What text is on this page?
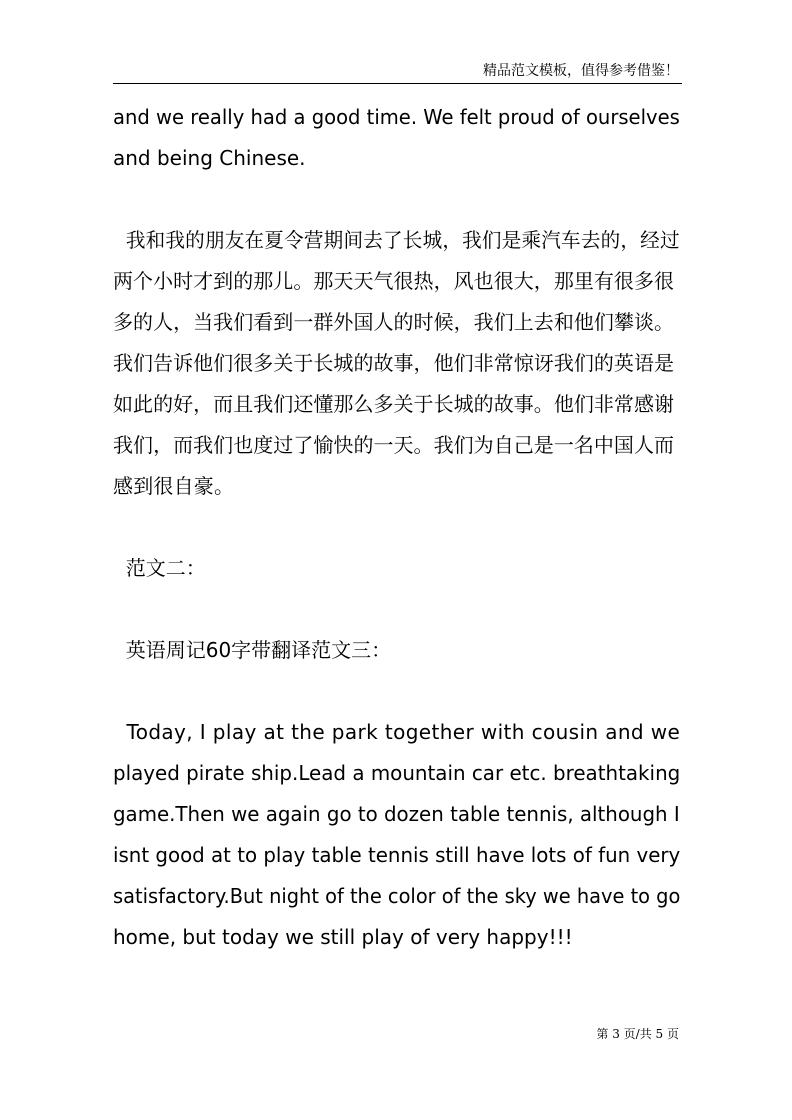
精品范文模板，值得参考借鉴！
and we really had a good time. We felt proud of ourselves
and being Chinese.
我和我的朋友在夏令营期间去了长城，我们是乘汽车去的，经过
两个小时才到的那儿。那天天气很热，风也很大，那里有很多很
多的人，当我们看到一群外国人的时候，我们上去和他们攀谈。
我们告诉他们很多关于长城的故事，他们非常惊讶我们的英语是
如此的好，而且我们还懂那么多关于长城的故事。他们非常感谢
我们，而我们也度过了愉快的一天。我们为自己是一名中国人而
感到很自豪。
范文二：
英语周记60字带翻译范文三：
Today, I play at the park together with cousin and we
played pirate ship.Lead a mountain car etc. breathtaking
game.Then we again go to dozen table tennis, although I
isnt good at to play table tennis still have lots of fun very
satisfactory.But night of the color of the sky we have to go
home, but today we still play of very happy!!!
第 3 页/共 5 页
